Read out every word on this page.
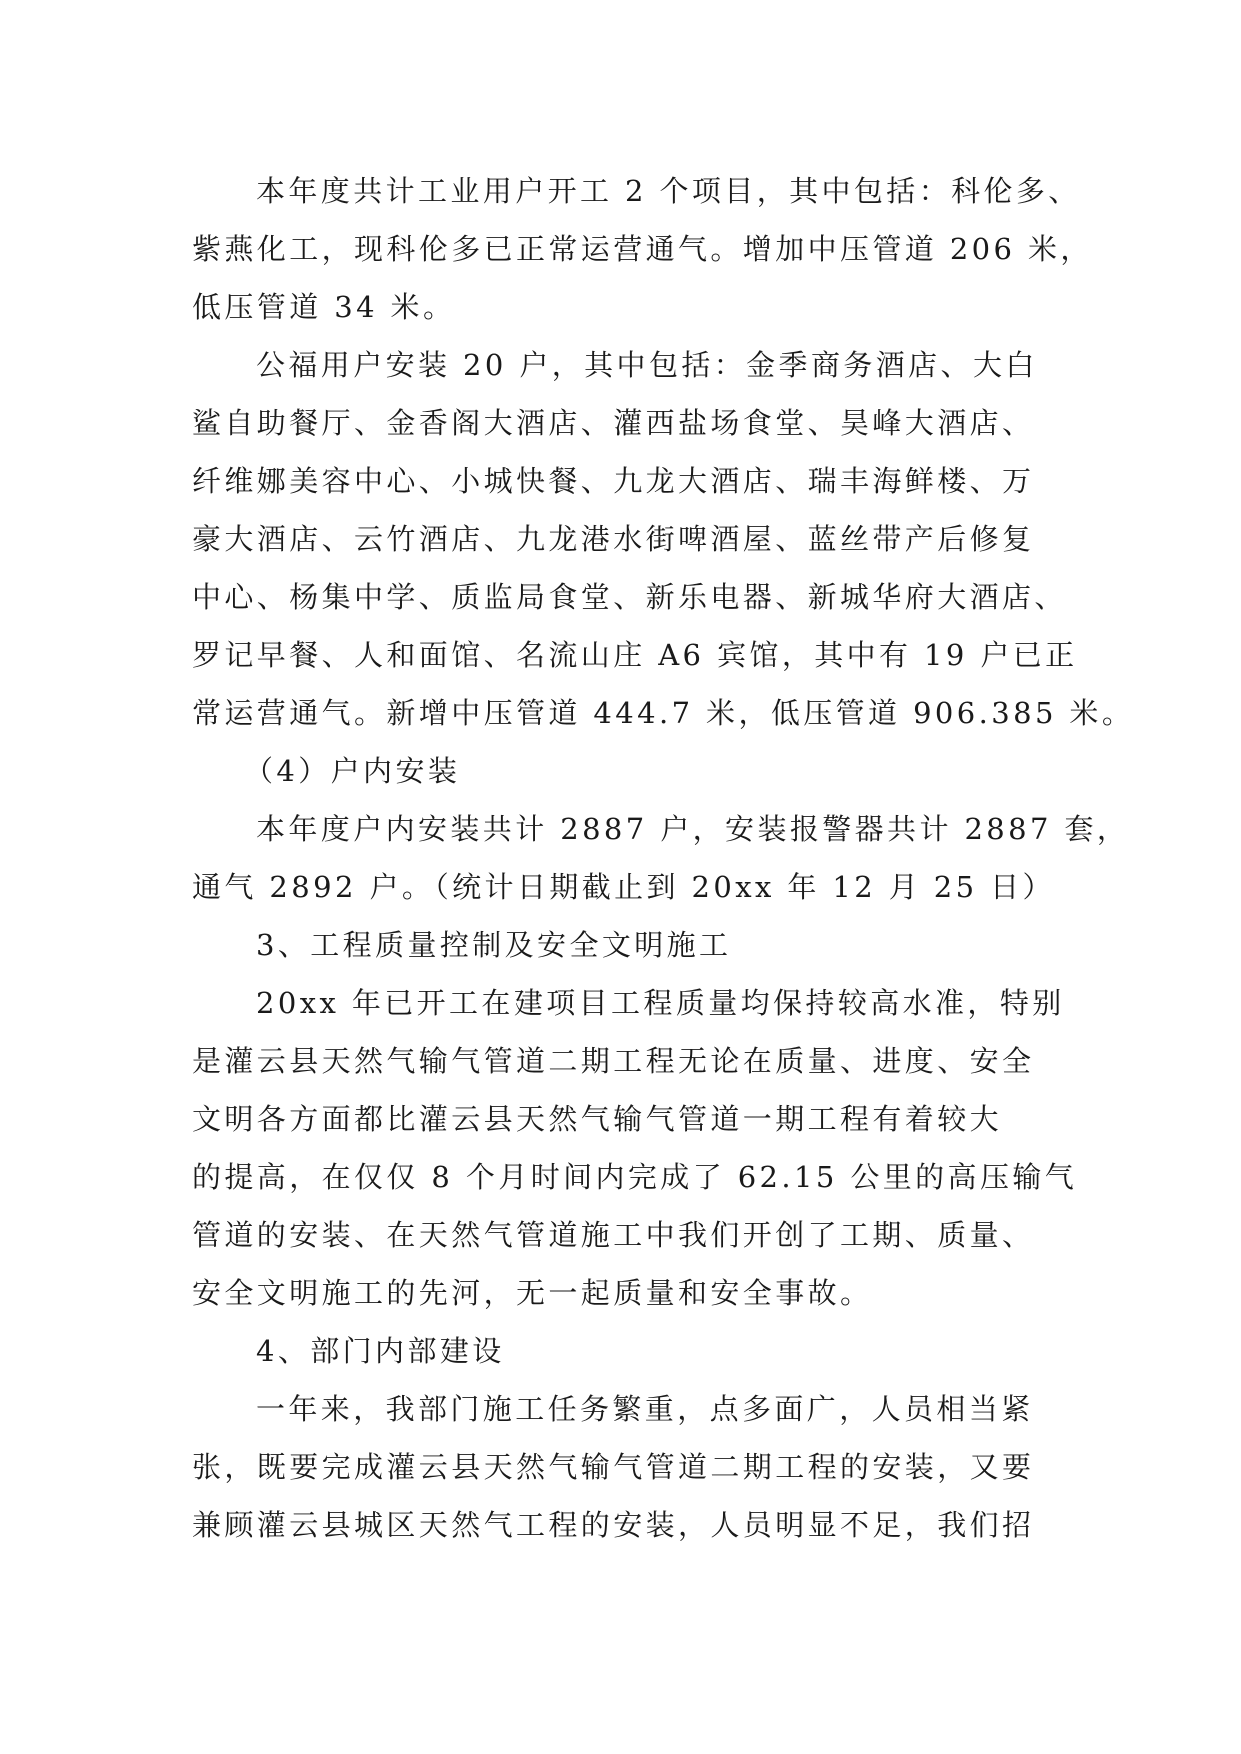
本年度共计工业用户开工 2 个项目，其中包括：科伦多、
紫燕化工，现科伦多已正常运营通气。增加中压管道 206 米，
低压管道 34 米。
公福用户安装 20 户，其中包括：金季商务酒店、大白
鲨自助餐厅、金香阁大酒店、灌西盐场食堂、昊峰大酒店、
纤维娜美容中心、小城快餐、九龙大酒店、瑞丰海鲜楼、万
豪大酒店、云竹酒店、九龙港水街啤酒屋、蓝丝带产后修复
中心、杨集中学、质监局食堂、新乐电器、新城华府大酒店、
罗记早餐、人和面馆、名流山庄 A6 宾馆，其中有 19 户已正
常运营通气。新增中压管道 444.7 米，低压管道 906.385 米。
（4）户内安装
本年度户内安装共计 2887 户，安装报警器共计 2887 套，
通气 2892 户。（统计日期截止到 20xx 年 12 月 25 日）
3、工程质量控制及安全文明施工
20xx 年已开工在建项目工程质量均保持较高水准，特别
是灌云县天然气输气管道二期工程无论在质量、进度、安全
文明各方面都比灌云县天然气输气管道一期工程有着较大
的提高，在仅仅 8 个月时间内完成了 62.15 公里的高压输气
管道的安装、在天然气管道施工中我们开创了工期、质量、
安全文明施工的先河，无一起质量和安全事故。
4、部门内部建设
一年来，我部门施工任务繁重，点多面广，人员相当紧
张，既要完成灌云县天然气输气管道二期工程的安装，又要
兼顾灌云县城区天然气工程的安装，人员明显不足，我们招
